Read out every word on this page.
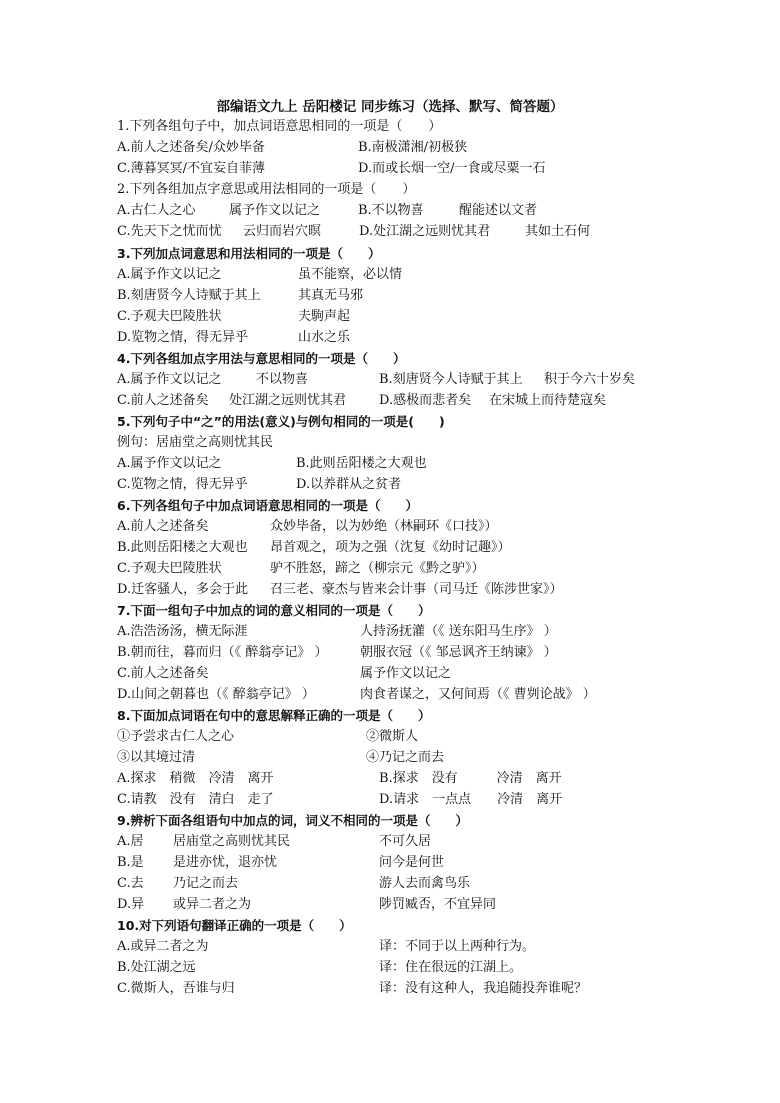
部编语文九上 岳阳楼记 同步练习（选择、默写、简答题）
1.下列各组句子中，加点词语意思相同的一项是（　　）
A.前人之述备矣/众妙毕备	B.南极潇湘/初极狭
C.薄暮冥冥/不宜妄自菲薄	D.而或长烟一空/一食或尽粟一石
2.下列各组加点字意思或用法相同的一项是（　　）
A.古仁人之心	属予作文以记之	B.不以物喜	醒能述以文者
C.先天下之忧而忧 云归而岩穴暝	D.处江湖之远则忧其君	其如土石何
3.下列加点词意思和用法相同的一项是（　　）
A.属予作文以记之	虽不能察，必以情
B.刻唐贤今人诗赋于其上	其真无马邪
C.予观夫巴陵胜状	夫駒声起
D.览物之情，得无异乎	山水之乐
4.下列各组加点字用法与意思相同的一项是（　　）
A.属予作文以记之	不以物喜	B.刻唐贤今人诗赋于其上 积于今六十岁矣
C.前人之述备矣 处江湖之远则忧其君	D.感极而悲者矣 在宋城上而待楚寇矣
5.下列句子中“之”的用法(意义)与例句相同的一项是(　　)
例句：居庙堂之高则忧其民
A.属予作文以记之	B.此则岳阳楼之大观也
C.览物之情，得无异乎	D.以养群从之贫者
6.下列各组句子中加点词语意思相同的一项是（　　）
A.前人之述备矣	众妙毕备，以为妙绝（林嗣环《口技》）
B.此则岳阳楼之大观也 昂首观之，项为之强（沈复《幼时记趣》）
C.予观夫巴陵胜状	驴不胜怒，蹄之（柳宗元《黔之驴》）
D.迁客骚人，多会于此 召三老、豪杰与皆来会计事（司马迁《陈涉世家》）
7.下面一组句子中加点的词的意义相同的一项是（　　）
A.浩浩汤汤，横无际涯	人持汤抚灌（《 送东阳马生序》 ）
B.朝而往，暮而归（《 醉翁亭记》 ）	朝服衣冠（《 邹忌讽齐王纳谏》 ）
C.前人之述备矣	属予作文以记之
D.山间之朝暮也（《 醉翁亭记》 ）	肉食者谋之，又何间焉（《 曹刿论战》 ）
8.下面加点词语在句中的意思解释正确的一项是（　　）
①予尝求古仁人之心	②微斯人
③以其境过清	④乃记之而去
A.探求　稍微　冷清　离开	B.探求　没有　　　冷清　离开
C.请教　没有　清白　走了	D.请求　一点点　　冷清　离开
9.辨析下面各组语句中加点的词，词义不相同的一项是（　　）
A.居 居庙堂之高则忧其民	不可久居
B.是 是进亦忧，退亦忧	问今是何世
C.去 乃记之而去	游人去而禽鸟乐
D.异 或异二者之为	陟罚臧否，不宜异同
10.对下列语句翻译正确的一项是（　　）
A.或异二者之为	译：不同于以上两种行为。
B.处江湖之远	译：住在很远的江湖上。
C.微斯人，吾谁与归	译：没有这种人，我追随投奔谁呢？
